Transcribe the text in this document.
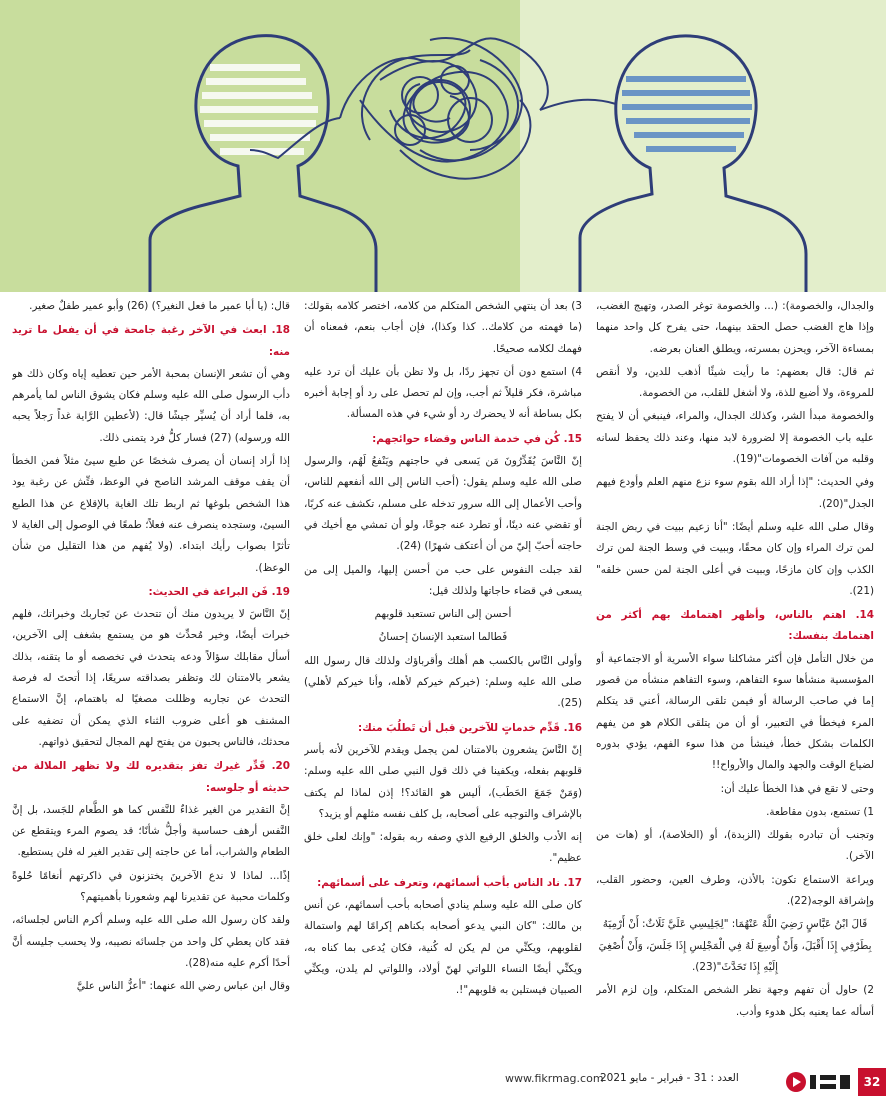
والجدال، والخصومة): (... والخصومة توغر الصدر، وتهيج الغضب، وإذا هاج الغضب حصل الحقد بينهما، حتى يفرح كل واحد منهما بمساءة الآخر، ويحزن بمسرته، ويطلق العنان بعرضه.

ثم قال: قال بعضهم: ما رأيت شيئًا أذهب للدين، ولا أنقص للمروءة، ولا أضيع للذة، ولا أشغل للقلب، من الخصومة.

والخصومة مبدأ الشر، وكذلك الجدال، والمراء، فينبغي أن لا يفتح عليه باب الخصومة إلا لضرورة لابد منها، وعند ذلك يحفظ لسانه وقلبه من آفات الخصومات"(19).

وفي الحديث: "إذا أراد الله بقوم سوء نزع منهم العلم وأودع فيهم الجدل"(20).

وقال صلى الله عليه وسلم أيضًا: "أنا زعيم ببيت في ربض الجنة لمن ترك المراء وإن كان محقًا، وببيت في وسط الجنة لمن ترك الكذب وإن كان مازحًا، وببيت في أعلى الجنة لمن حسن خلقه"(21).

14. اهتم بالناس، وأظهر اهتمامك بهم أكثر من اهتمامك بنفسك:

من خلال التأمل فإن أكثر مشاكلنا سواء الأسرية أو الاجتماعية أو المؤسسية منشأها سوء التفاهم، وسوء التفاهم منشأه من قصور إما في صاحب الرسالة أو فيمن تلقى الرسالة، أعني قد يتكلم المرء فيخطأ في التعبير، أو أن من يتلقى الكلام هو من يفهم الكلمات بشكل خطأ، فينشأ من هذا سوء الفهم، يؤدي بدوره لضياع الوقت والجهد والمال والأرواح!!

وحتى لا تقع في هذا الخطأ عليك أن:

1) تستمع، بدون مقاطعة.

وتجنب أن تبادره بقولك (الزبدة)، أو (الخلاصة)، أو (هات من الآخر).

ويراعة الاستماع تكون: بالأذن، وطرف العين، وحضور القلب، وإشراقة الوجه(22).

قَالَ ابْنُ عَبَّاسٍ رَضِيَ اللَّهُ عَنْهُمَا: "لِجَلِيسِي عَلَيَّ ثَلَاثٌ: أَنْ أَرْمِيَهُ بِطَرْفِي إِذَا أَقْبَلَ، وَأَنْ أُوسِعَ لَهُ فِي الْمَجْلِسِ إِذَا جَلَسَ، وَأَنْ أُصْغِيَ إِلَيْهِ إِذَا تَحَدَّثَ"(23).

2) حاول أن تفهم وجهة نظر الشخص المتكلم، وإن لزم الأمر أسأله عما يعنيه بكل هدوء وأدب.

3) بعد أن ينتهي الشخص المتكلم من كلامه، اختصر كلامه بقولك: (ما فهمته من كلامك.. كذا وكذا)، فإن أجاب بنعم، فمعناه أن فهمك لكلامه صحيحًا.

4) استمع دون أن تجهز ردًا، بل ولا تظن بأن عليك أن ترد عليه مباشرة، فكر قليلاً ثم أجب، وإن لم تحصل على رد أو إجابة أخبره بكل بساطة أنه لا يحضرك رد أو شيء في هذه المسألة.

15. كُن في خدمة الناس وقضاء حوائجهم:

إنّ النَّاسَ يُقَدِّرُونَ مَن يَسعى في حاجتهم ويَنْفعُ لَهُم، والرسول صلى الله عليه وسلم يقول: (أحب الناس إلى الله أنفعهم للناس، وأحب الأعمال إلى الله سرور تدخله على مسلم، تكشف عنه كربًا، أو تقضي عنه دينًا، أو تطرد عنه جوعًا، ولو أن تمشي مع أخيك في حاجته أحبّ إليّ من أن أعتكف شهرًا) (24).

لقد جبلت النفوس على حب من أحسن إليها، والميل إلى من يسعى في قضاء حاجاتها ولذلك قيل:

أحسن إلى الناس تستعبد قلوبهم

فَطالما استعبد الإنسانَ إحسانُ

وأولى النَّاس بالكسب هم أهلك وأقرباؤك ولذلك قال رسول الله صلى الله عليه وسلم: (خيركم خيركم لأهله، وأنا خيركم لأهلي) (25).

16. قَدِّم خدماتٍ للآخرين قبل أن تَطلُبَ منك:

إنّ النَّاسَ يشعرون بالامتنان لمن يجمل ويقدم للآخرين لأنه بأسر قلوبهم بفعله، ويكفينا في ذلك قول النبي صلى الله عليه وسلم: (وَمَنْ جَمَعَ الحَطَب)، أليس هو القائد؟! إذن لماذا لم يكتف بالإشراف والتوجيه على أصحابه، بل كلف نفسه مثلهم أو يزيد؟

إنه الأدب والخلق الرفيع الذي وصفه ربه بقوله: "وإنك لعلى خلق عظيم".

17. ناد الناس بأحب أسمائهم، وتعرف على أسمائهم:

كان صلى الله عليه وسلم ينادي أصحابه بأحب أسمائهم، عن أنس بن مالك: "كان النبي يدعو أصحابه بكناهم إكرامًا لهم واستمالة لقلوبهم، ويكنِّي من لم يكن له كُنية، فكان يُدعى بما كناه به، ويكنِّي أيضًا النساء اللواتي لهنّ أولاد، واللواتي لم يلدن، ويكنِّي الصبيان فيستلين به قلوبهم"!.

قال: (يا أبا عمير ما فعل النغير؟) (26) وأبو عمير طفلٌ صغير.

18. ابعث في الآخر رغبة جامحة في أن يفعل ما تريد منه:

وهي أن تشعر الإنسان بمحبة الأمر حين تعطيه إياه وكان ذلك هو دأب الرسول صلى الله عليه وسلم فكان يشوق الناس لما يأمرهم به، فلما أراد أن يُسيِّر جيشًا قال: (لأعطين الرَّاية غداً رَجلاً يحبه الله ورسوله) (27) فسار كلُّ فرد يتمنى ذلك.

إذا أراد إنسان أن يصرف شخصًا عن طبع سيئ مثلاً فمن الخطأ أن يقف موقف المرشد الناصح في الوعظ، فتِّش عن رغبة يود هذا الشخص بلوغها ثم اربط تلك الغاية بالإقلاع عن هذا الطبع السيئ، وستجده ينصرف عنه فعلاً؛ طمعًا في الوصول إلى الغاية لا تأثرًا بصواب رأيك ابتداء. (ولا يُفهم من هذا التقليل من شأن الوعظ).

19. فَن البراعة في الحديث:

إنّ النَّاسَ لا يريدون منك أن تتحدث عن تَجاربك وخبراتك، فلهم خبرات أيضًا، وخير مُحدِّث هو من يستمع بشغف إلى الآخرين، أسأل مقابلك سؤالاً ودعه يتحدث في تخصصه أو ما يتقنه، بذلك يشعر بالامتنان لك وتظفر بصداقته سريعًا، إذا أتحتَ له فرصة التحدث عن تجاربه وظللت مصغيًا له باهتمام، إنَّ الاستماع المشنف هو أعلى ضروب الثناء الذي يمكن أن تضفيه على محدثك، فالناس يحبون من يفتح لهم المجال لتحقيق ذواتهم.

20. قَدِّر غيرك تفز بتقديره لك ولا تظهر الملالة من حديثه أو جلوسه:

إنَّ التقدير من الغير غذاءٌ للنَّفس كما هو الطَّعام للجَسد، بل إنَّ النَّفس أرهف حساسية وأجلُّ شأنًا؛ قد يصوم المرء ويتقطع عن الطعام والشراب، أما عن حاجته إلى تقدير الغير له فلن يستطيع.

إذًا... لماذا لا ندع الآخرينَ يختزنون في ذاكرتهم أنغامًا حُلوةً وكلمات محببة عن تقديرنا لهم وشعورنا بأهميتهم؟

ولقد كان رسول الله صلى الله عليه وسلم أكرم الناس لجلسائه، فقد كان يعطي كل واحد من جلسائه نصيبه، ولا يحسب جليسه أنَّ أحدًا أكرم عليه منه(28).

وقال ابن عباس رضي الله عنهما: "أعزُّ الناس عليَّ

32
العدد : 31 - فبراير - مايو 2021
www.fikrmag.com
